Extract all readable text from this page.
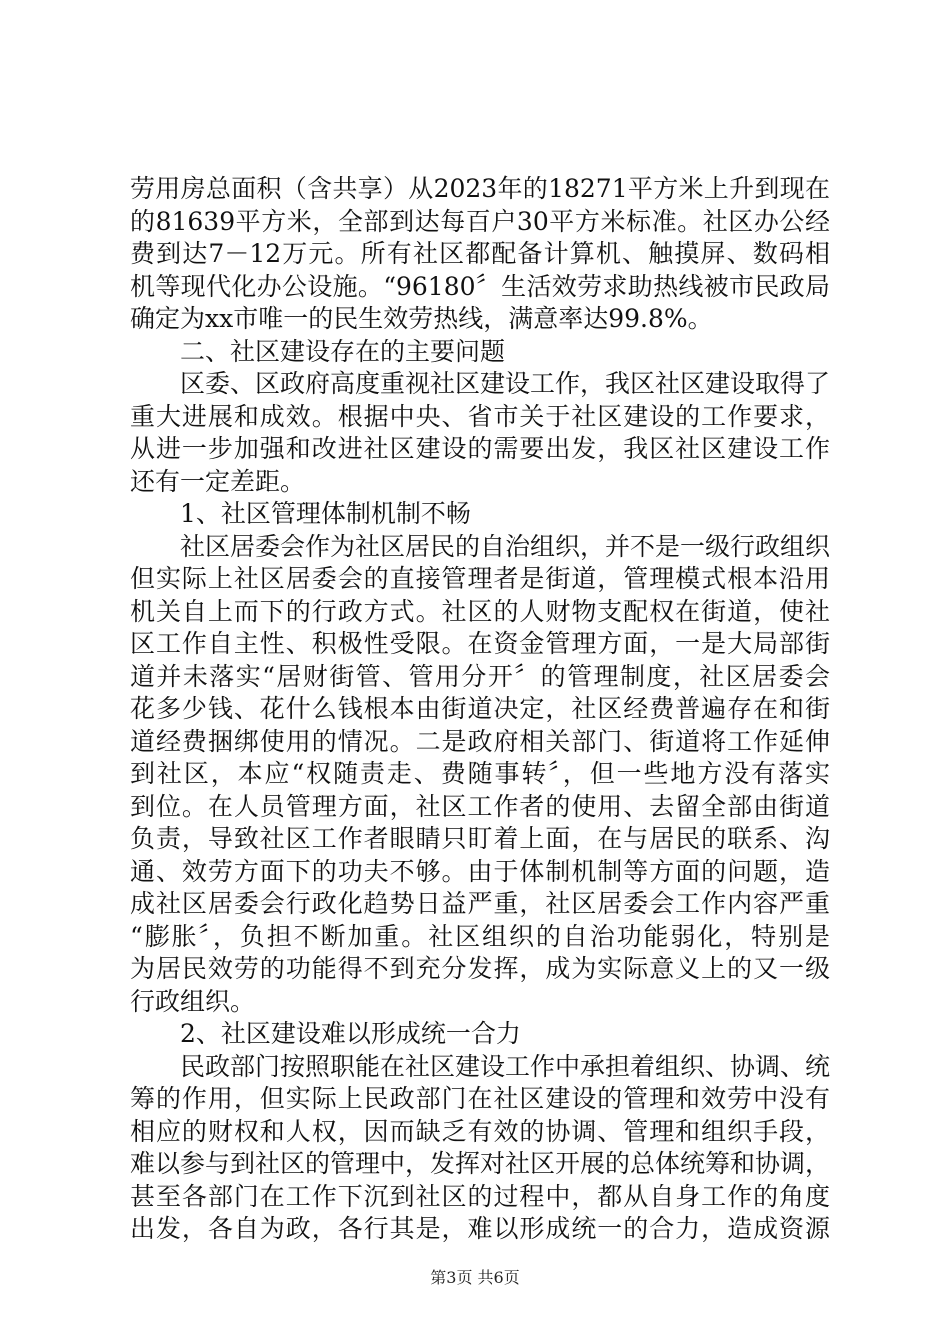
劳用房总面积（含共享）从2023年的18271平方米上升到现在
的81639平方米，全部到达每百户30平方米标准。社区办公经
费到达7－12万元。所有社区都配备计算机、触摸屏、数码相
机等现代化办公设施。“96180〞生活效劳求助热线被市民政局
确定为xx市唯一的民生效劳热线，满意率达99.8%。
二、社区建设存在的主要问题
区委、区政府高度重视社区建设工作，我区社区建设取得了
重大进展和成效。根据中央、省市关于社区建设的工作要求，
从进一步加强和改进社区建设的需要出发，我区社区建设工作
还有一定差距。
1、社区管理体制机制不畅
社区居委会作为社区居民的自治组织，并不是一级行政组织
但实际上社区居委会的直接管理者是街道，管理模式根本沿用
机关自上而下的行政方式。社区的人财物支配权在街道，使社
区工作自主性、积极性受限。在资金管理方面，一是大局部街
道并未落实“居财街管、管用分开〞的管理制度，社区居委会
花多少钱、花什么钱根本由街道决定，社区经费普遍存在和街
道经费捆绑使用的情况。二是政府相关部门、街道将工作延伸
到社区，本应“权随责走、费随事转〞，但一些地方没有落实
到位。在人员管理方面，社区工作者的使用、去留全部由街道
负责，导致社区工作者眼睛只盯着上面，在与居民的联系、沟
通、效劳方面下的功夫不够。由于体制机制等方面的问题，造
成社区居委会行政化趋势日益严重，社区居委会工作内容严重
“膨胀〞，负担不断加重。社区组织的自治功能弱化，特别是
为居民效劳的功能得不到充分发挥，成为实际意义上的又一级
行政组织。
2、社区建设难以形成统一合力
民政部门按照职能在社区建设工作中承担着组织、协调、统
筹的作用，但实际上民政部门在社区建设的管理和效劳中没有
相应的财权和人权，因而缺乏有效的协调、管理和组织手段，
难以参与到社区的管理中，发挥对社区开展的总体统筹和协调，
甚至各部门在工作下沉到社区的过程中，都从自身工作的角度
出发，各自为政，各行其是，难以形成统一的合力，造成资源
第3页 共6页
